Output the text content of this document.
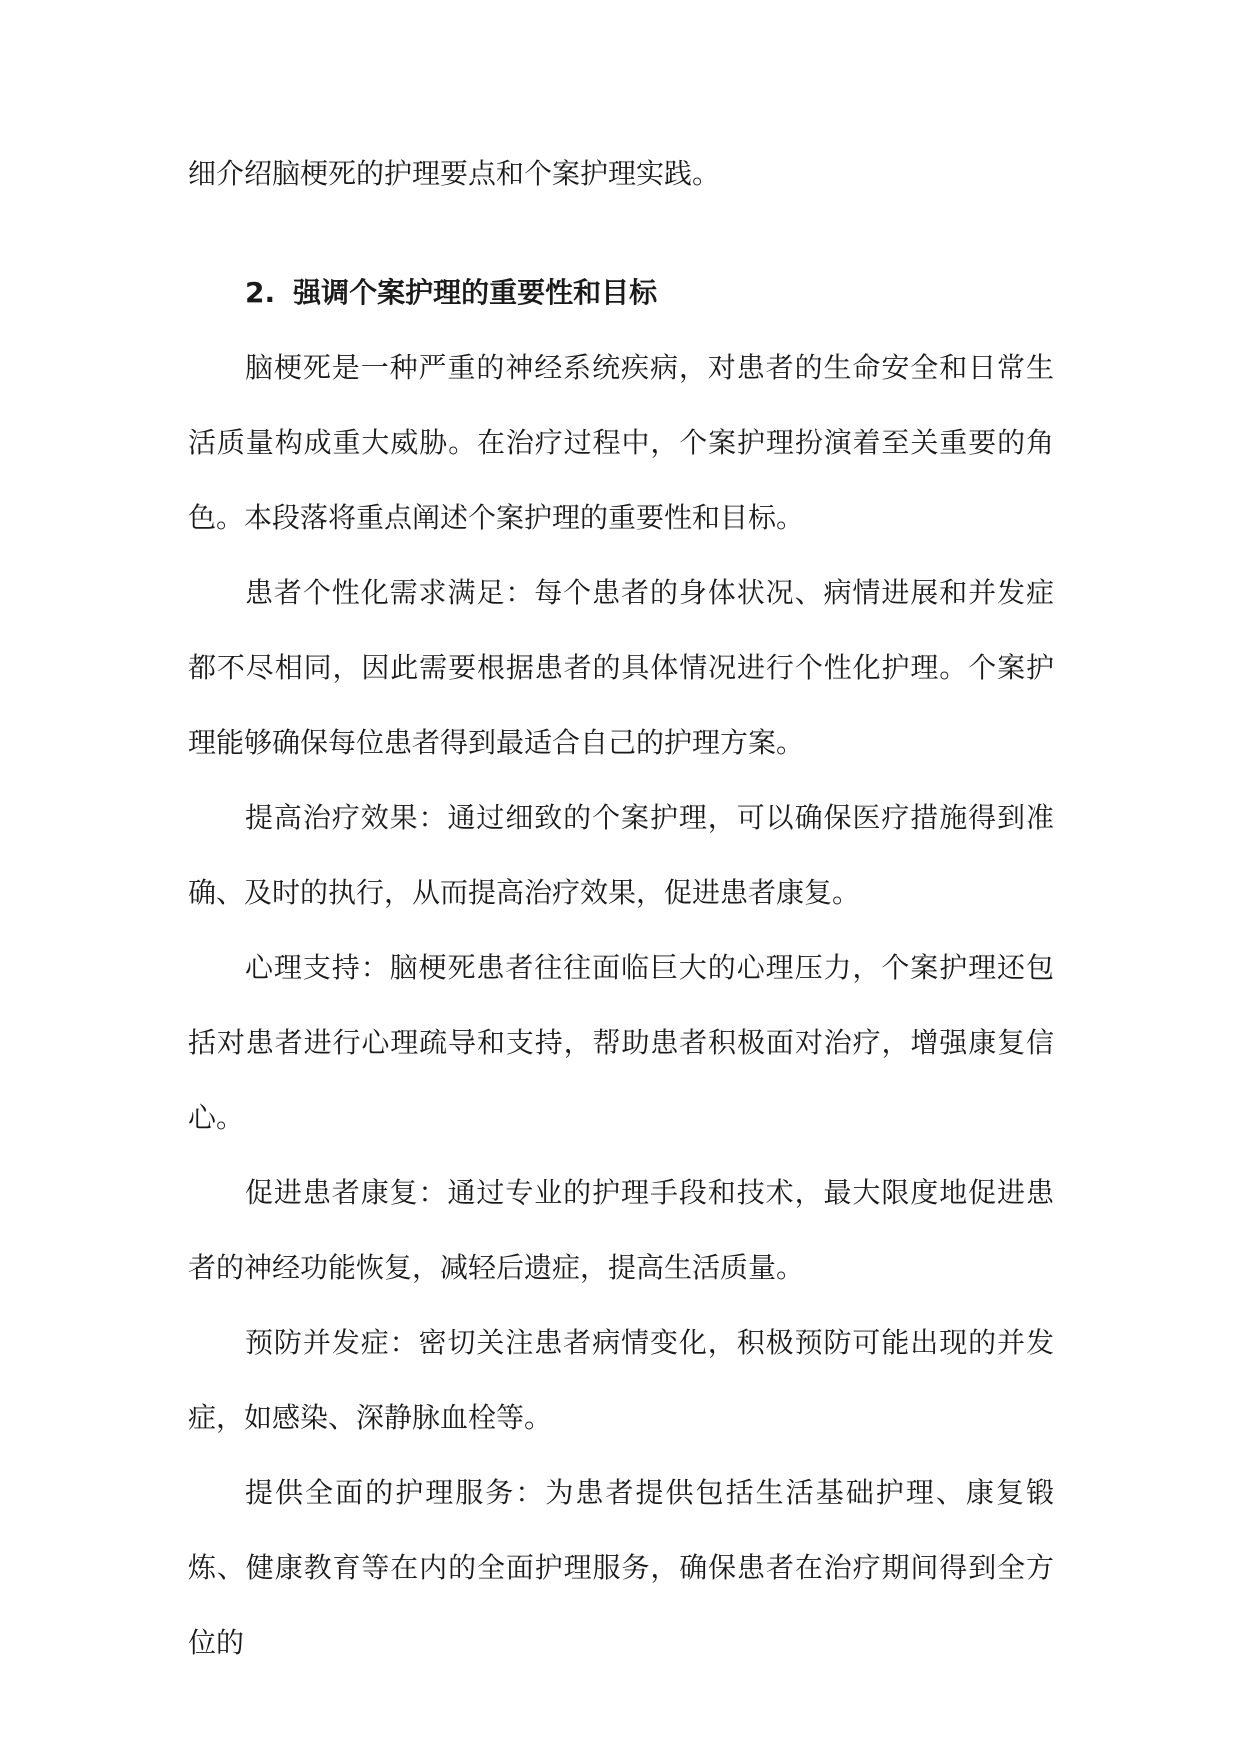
细介绍脑梗死的护理要点和个案护理实践。

2. 强调个案护理的重要性和目标

脑梗死是一种严重的神经系统疾病，对患者的生命安全和日常生活质量构成重大威胁。在治疗过程中，个案护理扮演着至关重要的角色。本段落将重点阐述个案护理的重要性和目标。

患者个性化需求满足：每个患者的身体状况、病情进展和并发症都不尽相同，因此需要根据患者的具体情况进行个性化护理。个案护理能够确保每位患者得到最适合自己的护理方案。

提高治疗效果：通过细致的个案护理，可以确保医疗措施得到准确、及时的执行，从而提高治疗效果，促进患者康复。

心理支持：脑梗死患者往往面临巨大的心理压力，个案护理还包括对患者进行心理疏导和支持，帮助患者积极面对治疗，增强康复信心。

促进患者康复：通过专业的护理手段和技术，最大限度地促进患者的神经功能恢复，减轻后遗症，提高生活质量。

预防并发症：密切关注患者病情变化，积极预防可能出现的并发症，如感染、深静脉血栓等。

提供全面的护理服务：为患者提供包括生活基础护理、康复锻炼、健康教育等在内的全面护理服务，确保患者在治疗期间得到全方位的
